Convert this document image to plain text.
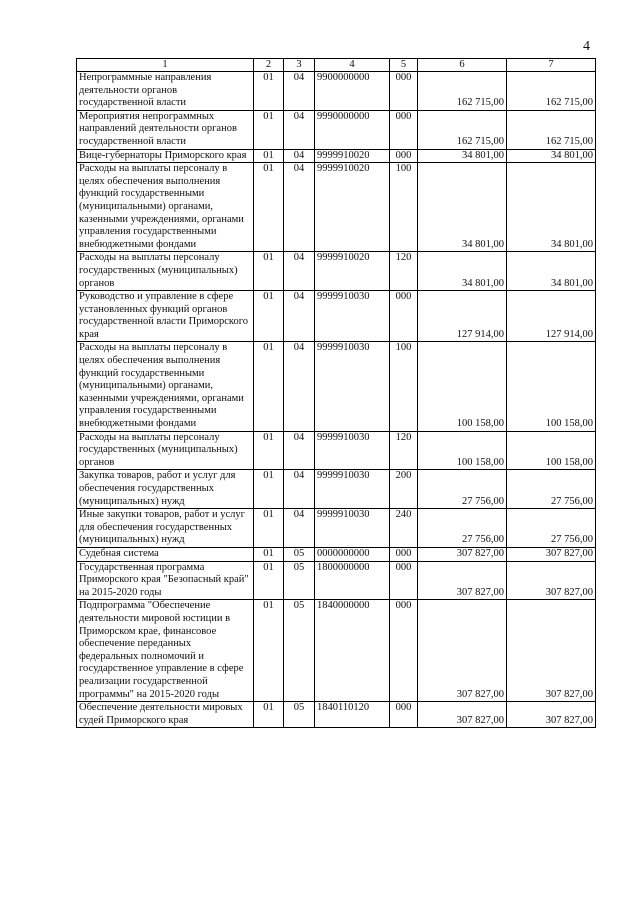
4
1	2	3	4	5	6	7
Непрограммные направления деятельности органов государственной власти	01	04	9900000000	000	162 715,00	162 715,00
Мероприятия непрограммных направлений деятельности органов государственной власти	01	04	9990000000	000	162 715,00	162 715,00
Вице-губернаторы Приморского края	01	04	9999910020	000	34 801,00	34 801,00
Расходы на выплаты персоналу в целях обеспечения выполнения функций государственными (муниципальными) органами, казенными учреждениями, органами управления государственными внебюджетными фондами	01	04	9999910020	100	34 801,00	34 801,00
Расходы на выплаты персоналу государственных (муниципальных) органов	01	04	9999910020	120	34 801,00	34 801,00
Руководство и управление в сфере установленных функций органов государственной власти Приморского края	01	04	9999910030	000	127 914,00	127 914,00
Расходы на выплаты персоналу в целях обеспечения выполнения функций государственными (муниципальными) органами, казенными учреждениями, органами управления государственными внебюджетными фондами	01	04	9999910030	100	100 158,00	100 158,00
Расходы на выплаты персоналу государственных (муниципальных) органов	01	04	9999910030	120	100 158,00	100 158,00
Закупка товаров, работ и услуг для обеспечения государственных (муниципальных) нужд	01	04	9999910030	200	27 756,00	27 756,00
Иные закупки товаров, работ и услуг для обеспечения государственных (муниципальных) нужд	01	04	9999910030	240	27 756,00	27 756,00
Судебная система	01	05	0000000000	000	307 827,00	307 827,00
Государственная программа Приморского края "Безопасный край" на 2015-2020 годы	01	05	1800000000	000	307 827,00	307 827,00
Подпрограмма "Обеспечение деятельности мировой юстиции в Приморском крае, финансовое обеспечение переданных федеральных полномочий и государственное управление в сфере реализации государственной программы" на 2015-2020 годы	01	05	1840000000	000	307 827,00	307 827,00
Обеспечение деятельности мировых судей Приморского края	01	05	1840110120	000	307 827,00	307 827,00
